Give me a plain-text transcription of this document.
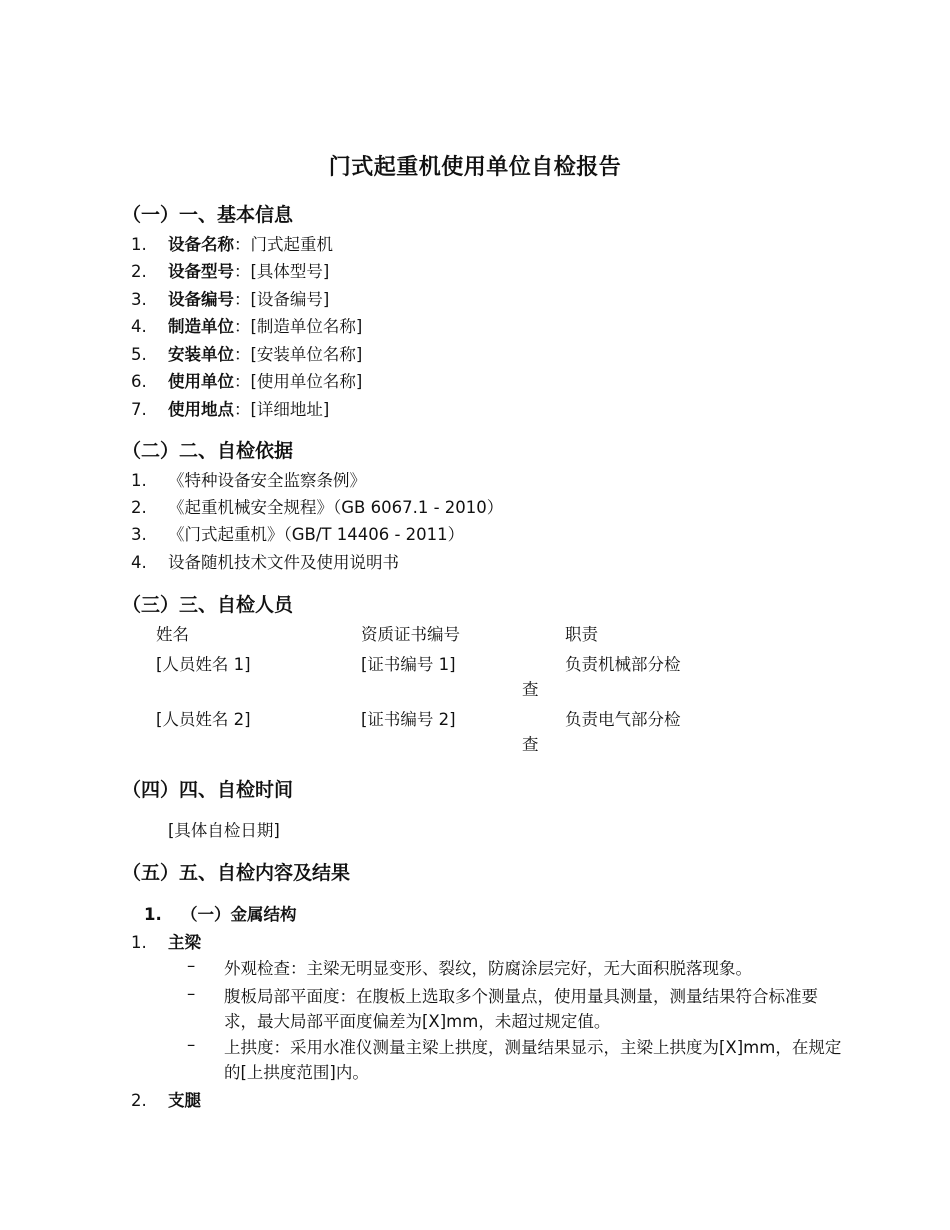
门式起重机使用单位自检报告
（一）一、基本信息
1. 设备名称：门式起重机
2. 设备型号：[具体型号]
3. 设备编号：[设备编号]
4. 制造单位：[制造单位名称]
5. 安装单位：[安装单位名称]
6. 使用单位：[使用单位名称]
7. 使用地点：[详细地址]
（二）二、自检依据
1. 《特种设备安全监察条例》
2. 《起重机械安全规程》（GB 6067.1 - 2010）
3. 《门式起重机》（GB/T 14406 - 2011）
4. 设备随机技术文件及使用说明书
（三）三、自检人员
姓名	资质证书编号	职责
[人员姓名 1]	[证书编号 1]	负责机械部分检
查
[人员姓名 2]	[证书编号 2]	负责电气部分检
查
（四）四、自检时间
[具体自检日期]
（五）五、自检内容及结果
1. （一）金属结构
1. 主梁
– 外观检查：主梁无明显变形、裂纹，防腐涂层完好，无大面积脱落现象。
– 腹板局部平面度：在腹板上选取多个测量点，使用量具测量，测量结果符合标准要求，最大局部平面度偏差为[X]mm，未超过规定值。
– 上拱度：采用水准仪测量主梁上拱度，测量结果显示，主梁上拱度为[X]mm，在规定的[上拱度范围]内。
2. 支腿
